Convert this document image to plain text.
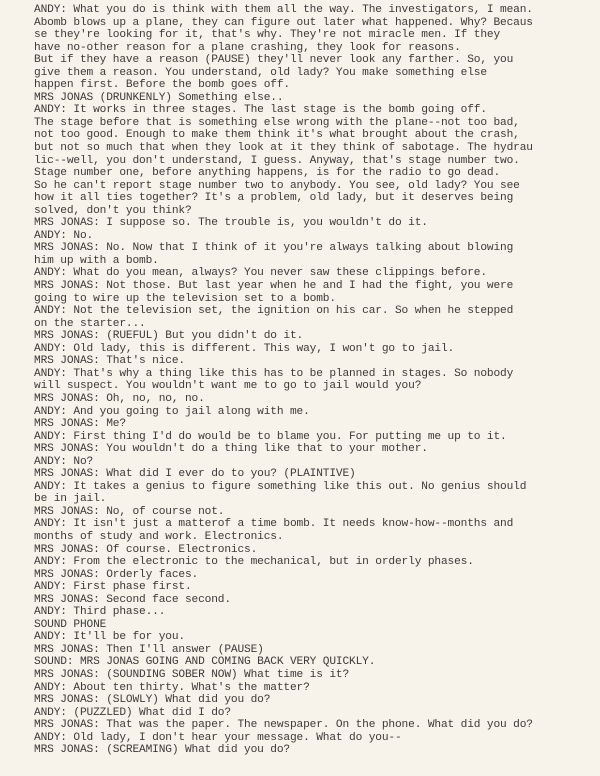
ANDY: What you do is think with them all the way. The investigators, I mean.
Abomb blows up a plane, they can figure out later what happened. Why? Becaus
se they're looking for it, that's why. They're not miracle men. If they
have no-other reason for a plane crashing, they look for reasons.
But if they have a reason (PAUSE) they'll never look any farther. So, you
give them a reason. You understand, old lady? You make something else
happen first. Before the bomb goes off.
MRS JONAS (DRUNKENLY) Something else..
ANDY: It works in three stages. The last stage is the bomb going off.
The stage before that is something else wrong with the plane--not too bad,
not too good. Enough to make them think it's what brought about the crash,
but not so much that when they look at it they think of sabotage. The hydrau
lic--well, you don't understand, I guess. Anyway, that's stage number two.
Stage number one, before anything happens, is for the radio to go dead.
So he can't report stage number two to anybody. You see, old lady? You see
how it all ties together? It's a problem, old lady, but it deserves being
solved, don't you think?
MRS JONAS: I suppose so. The trouble is, you wouldn't do it.
ANDY: No.
MRS JONAS: No. Now that I think of it you're always talking about blowing
him up with a bomb.
ANDY: What do you mean, always? You never saw these clippings before.
MRS JONAS: Not those. But last year when he and I had the fight, you were
going to wire up the television set to a bomb.
ANDY: Not the television set, the ignition on his car. So when he stepped
on the starter...
MRS JONAS: (RUEFUL) But you didn't do it.
ANDY: Old lady, this is different. This way, I won't go to jail.
MRS JONAS: That's nice.
ANDY: That's why a thing like this has to be planned in stages. So nobody
will suspect. You wouldn't want me to go to jail would you?
MRS JONAS: Oh, no, no, no.
ANDY: And you going to jail along with me.
MRS JONAS: Me?
ANDY: First thing I'd do would be to blame you. For putting me up to it.
MRS JONAS: You wouldn't do a thing like that to your mother.
ANDY: No?
MRS JONAS: What did I ever do to you? (PLAINTIVE)
ANDY: It takes a genius to figure something like this out. No genius should
be in jail.
MRS JONAS: No, of course not.
ANDY: It isn't just a matterof a time bomb. It needs know-how--months and
months of study and work. Electronics.
MRS JONAS: Of course. Electronics.
ANDY: From the electronic to the mechanical, but in orderly phases.
MRS JONAS: Orderly faces.
ANDY: First phase first.
MRS JONAS: Second face second.
ANDY: Third phase...
SOUND PHONE
ANDY: It'll be for you.
MRS JONAS: Then I'll answer (PAUSE)
SOUND: MRS JONAS GOING AND COMING BACK VERY QUICKLY.
MRS JONAS: (SOUNDING SOBER NOW) What time is it?
ANDY: About ten thirty. What's the matter?
MRS JONAS: (SLOWLY) What did you do?
ANDY: (PUZZLED) What did I do?
MRS JONAS: That was the paper. The newspaper. On the phone. What did you do?
ANDY: Old lady, I don't hear your message. What do you--
MRS JONAS: (SCREAMING) What did you do?
